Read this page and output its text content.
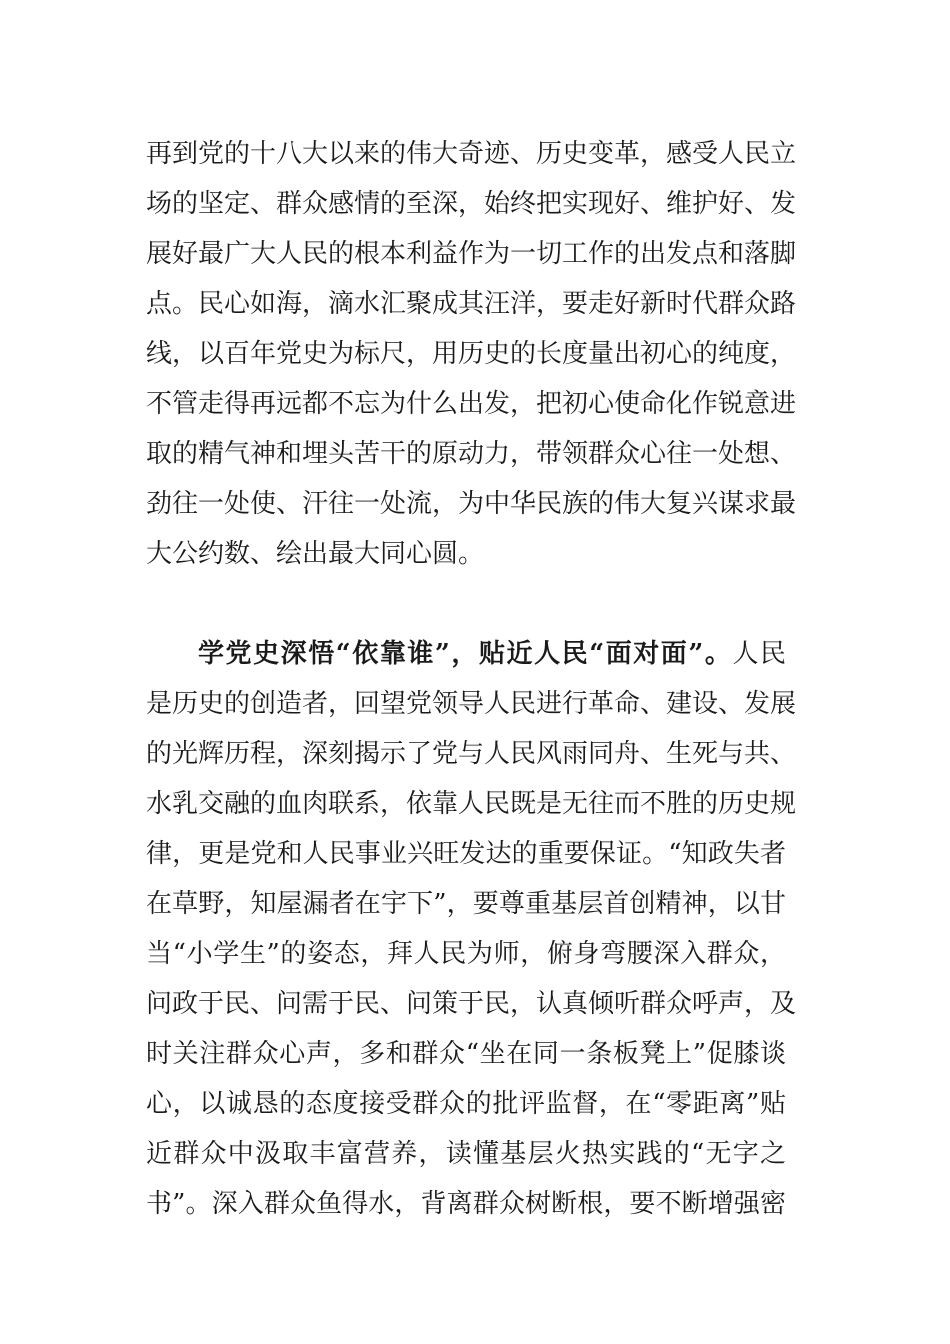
再到党的十八大以来的伟大奇迹、历史变革，感受人民立
场的坚定、群众感情的至深，始终把实现好、维护好、发
展好最广大人民的根本利益作为一切工作的出发点和落脚
点。民心如海，滴水汇聚成其汪洋，要走好新时代群众路
线，以百年党史为标尺，用历史的长度量出初心的纯度，
不管走得再远都不忘为什么出发，把初心使命化作锐意进
取的精气神和埋头苦干的原动力，带领群众心往一处想、
劲往一处使、汗往一处流，为中华民族的伟大复兴谋求最
大公约数、绘出最大同心圆。
学党史深悟“依靠谁”，贴近人民“面对面”。人民
是历史的创造者，回望党领导人民进行革命、建设、发展
的光辉历程，深刻揭示了党与人民风雨同舟、生死与共、
水乳交融的血肉联系，依靠人民既是无往而不胜的历史规
律，更是党和人民事业兴旺发达的重要保证。“知政失者
在草野，知屋漏者在宇下”，要尊重基层首创精神，以甘
当“小学生”的姿态，拜人民为师，俯身弯腰深入群众，
问政于民、问需于民、问策于民，认真倾听群众呼声，及
时关注群众心声，多和群众“坐在同一条板凳上”促膝谈
心，以诚恳的态度接受群众的批评监督，在“零距离”贴
近群众中汲取丰富营养，读懂基层火热实践的“无字之
书”。深入群众鱼得水，背离群众树断根，要不断增强密
